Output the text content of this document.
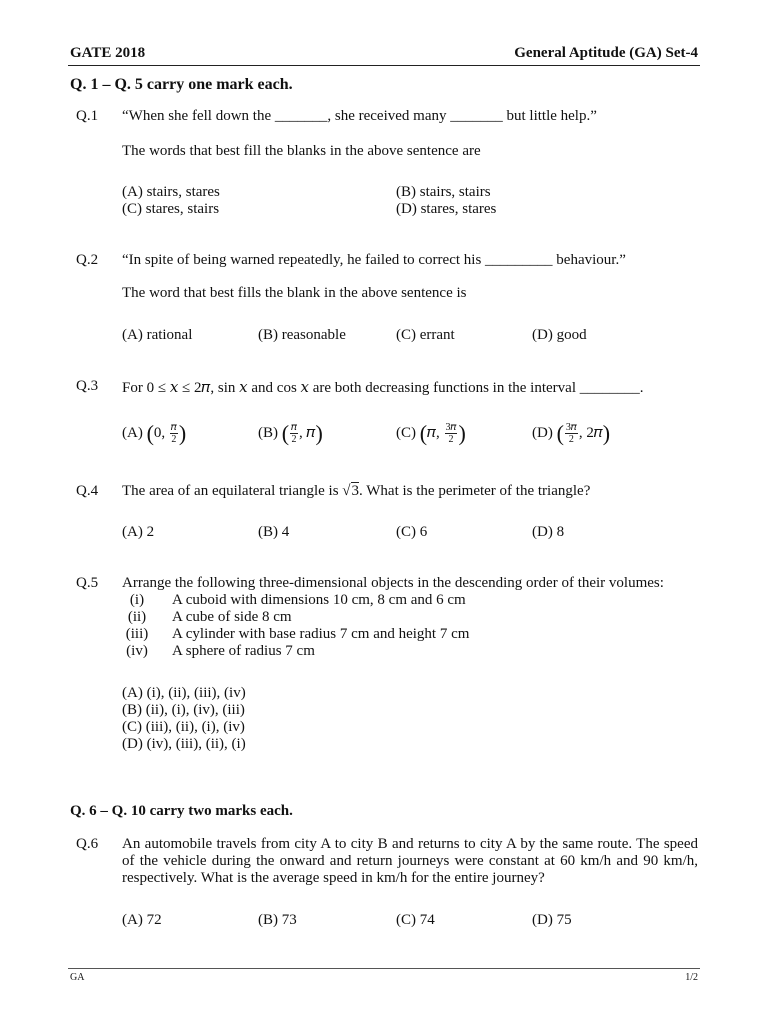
GATE 2018	General Aptitude (GA) Set-4
Q. 1 – Q. 5 carry one mark each.
Q.1 “When she fell down the _______, she received many _______ but little help.”
The words that best fill the blanks in the above sentence are
(A) stairs, stares	(B) stairs, stairs
(C) stares, stairs	(D) stares, stares
Q.2 “In spite of being warned repeatedly, he failed to correct his _________ behaviour.”
The word that best fills the blank in the above sentence is
(A) rational	(B) reasonable	(C) errant	(D) good
Q.3 For 0 ≤ 𝑥 ≤ 2𝜋, sin 𝑥 and cos 𝑥 are both decreasing functions in the interval ________.
(A) (0, $\frac{\text{𝜋}}{2}$ )	(B) ( $\frac{\text{𝜋}}{2}$ , 𝜋)	(C) (𝜋, $\frac{\text{3𝜋}}{2}$ )	(D) ( $\frac{\text{3𝜋}}{2}$ , 2𝜋)
Q.4 The area of an equilateral triangle is √3. What is the perimeter of the triangle?
(A) 2	(B) 4	(C) 6	(D) 8
Q.5 Arrange the following three-dimensional objects in the descending order of their volumes:
(i)	A cuboid with dimensions 10 cm, 8 cm and 6 cm
(ii)	A cube of side 8 cm
(iii) A cylinder with base radius 7 cm and height 7 cm
(iv) A sphere of radius 7 cm
(A) (i), (ii), (iii), (iv)
(B) (ii), (i), (iv), (iii)
(C) (iii), (ii), (i), (iv)
(D) (iv), (iii), (ii), (i)
Q. 6 – Q. 10 carry two marks each.
Q.6 An automobile travels from city A to city B and returns to city A by the same route. The speed of the vehicle during the onward and return journeys were constant at 60 km/h and 90 km/h, respectively. What is the average speed in km/h for the entire journey?
(A) 72	(B) 73	(C) 74	(D) 75
GA	1/2
